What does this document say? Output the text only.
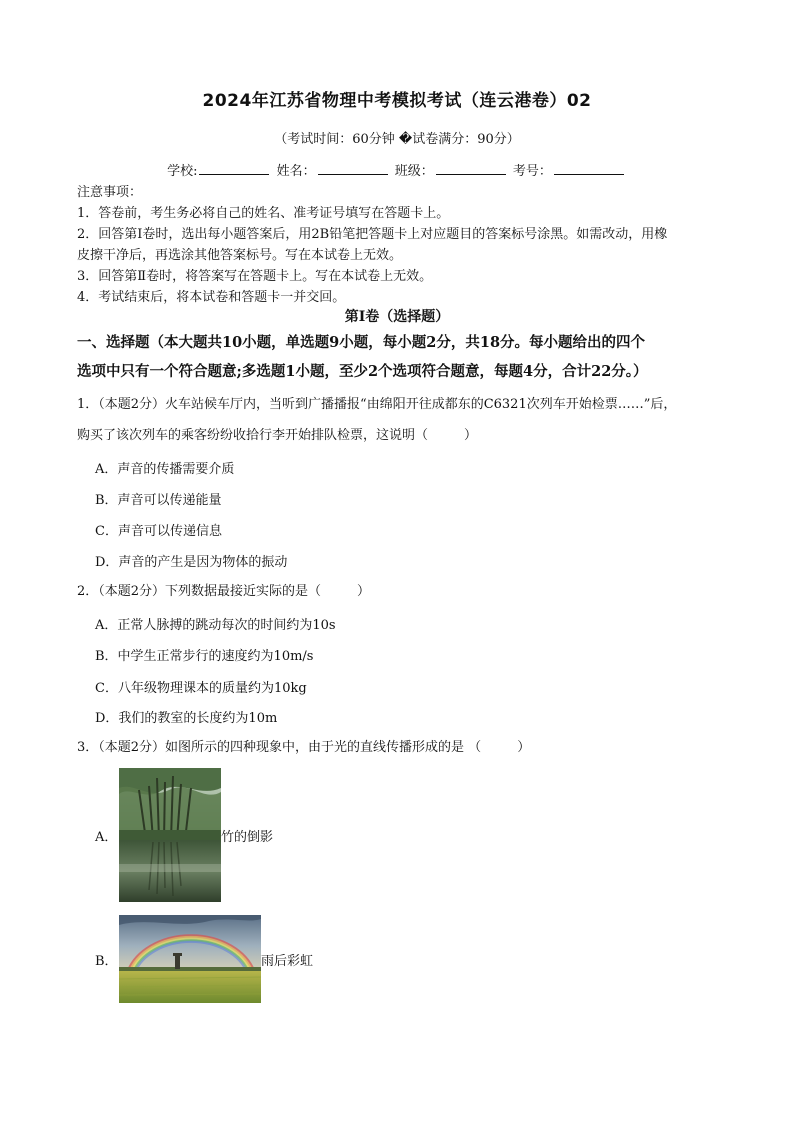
2024年江苏省物理中考模拟考试（连云港卷）02
（考试时间：60分钟 �试卷满分：90分）
学校:	姓名：	班级：	考号：

注意事项：

1．答卷前，考生务必将自己的姓名、准考证号填写在答题卡上。

2．回答第Ⅰ卷时，选出每小题答案后，用2B铅笔把答题卡上对应题目的答案标号涂黑。如需改动，用橡

皮擦干净后，再选涂其他答案标号。写在本试卷上无效。

3．回答第Ⅱ卷时，将答案写在答题卡上。写在本试卷上无效。

4．考试结束后，将本试卷和答题卡一并交回。

第Ⅰ卷（选择题）
一、选择题（本大题共10小题，单选题9小题，每小题2分，共18分。每小题给出的四个
选项中只有一个符合题意;多选题1小题，至少2个选项符合题意，每题4分，合计22分。）

1．（本题2分）火车站候车厅内，当听到广播播报“由绵阳开往成都东的C6321次列车开始检票……”后，

购买了该次列车的乘客纷纷收拾行李开始排队检票，这说明（	）

A．声音的传播需要介质
B．声音可以传递能量
C．声音可以传递信息
D．声音的产生是因为物体的振动

2．（本题2分）下列数据最接近实际的是（	）

A．正常人脉搏的跳动每次的时间约为10s
B．中学生正常步行的速度约为10m/s
C．八年级物理课本的质量约为10kg
D．我们的教室的长度约为10m

3．（本题2分）如图所示的四种现象中，由于光的直线传播形成的是 （	）

A．	竹的倒影
B．	雨后彩虹
